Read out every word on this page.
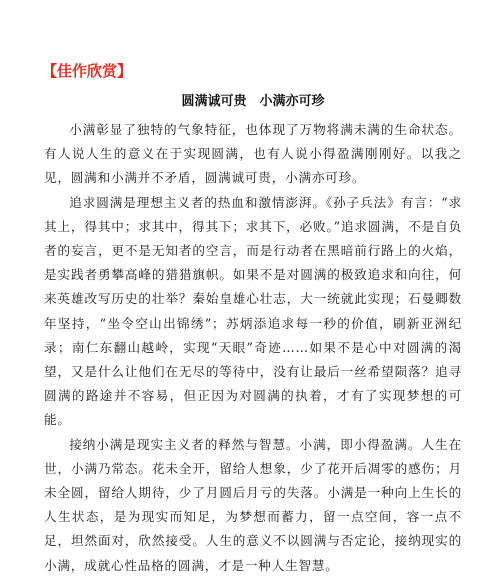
【佳作欣赏】
圆满诚可贵　小满亦可珍

小满彰显了独特的气象特征，也体现了万物将满未满的生命状态。有人说人生的意义在于实现圆满，也有人说小得盈满刚刚好。以我之见，圆满和小满并不矛盾，圆满诚可贵，小满亦可珍。

追求圆满是理想主义者的热血和激情澎湃。《孙子兵法》有言：“求其上，得其中；求其中，得其下；求其下，必败。”追求圆满，不是自负者的妄言，更不是无知者的空言，而是行动者在黑暗前行路上的火焰，是实践者勇攀高峰的猎猎旗帜。如果不是对圆满的极致追求和向往，何来英雄改写历史的壮举？秦始皇雄心壮志，大一统就此实现；石曼卿数年坚持，“坐令空山出锦绣”；苏炳添追求每一秒的价值，刷新亚洲纪录；南仁东翻山越岭，实现“天眼”奇迹……如果不是心中对圆满的渴望，又是什么让他们在无尽的等待中，没有让最后一丝希望陨落？追寻圆满的路途并不容易，但正因为对圆满的执着，才有了实现梦想的可能。

接纳小满是现实主义者的释然与智慧。小满，即小得盈满。人生在世，小满乃常态。花未全开，留给人想象，少了花开后凋零的感伤；月未全圆，留给人期待，少了月圆后月亏的失落。小满是一种向上生长的人生状态，是为现实而知足，为梦想而蓄力，留一点空间，容一点不足，坦然面对，欣然接受。人生的意义不以圆满与否定论，接纳现实的小满，成就心性品格的圆满，才是一种人生智慧。
